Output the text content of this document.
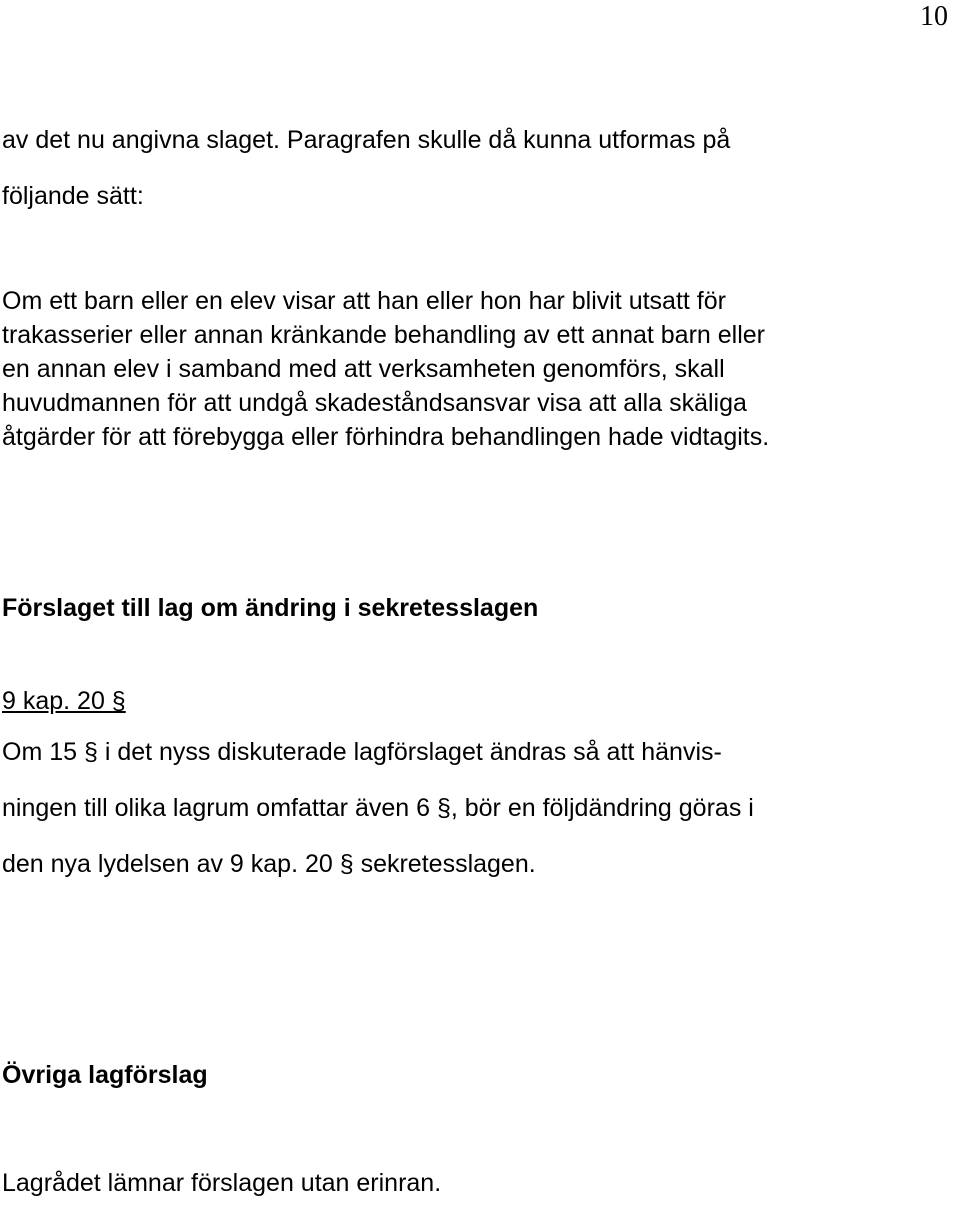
10
av det nu angivna slaget. Paragrafen skulle då kunna utformas på
följande sätt:
Om ett barn eller en elev visar att han eller hon har blivit utsatt för
trakasserier eller annan kränkande behandling av ett annat barn eller
en annan elev i samband med att verksamheten genomförs, skall
huvudmannen för att undgå skadeståndsansvar visa att alla skäliga
åtgärder för att förebygga eller förhindra behandlingen hade vidtagits.
Förslaget till lag om ändring i sekretesslagen
9 kap. 20 §
Om 15 § i det nyss diskuterade lagförslaget ändras så att hänvis-
ningen till olika lagrum omfattar även 6 §, bör en följdändring göras i
den nya lydelsen av 9 kap. 20 § sekretesslagen.
Övriga lagförslag
Lagrådet lämnar förslagen utan erinran.
